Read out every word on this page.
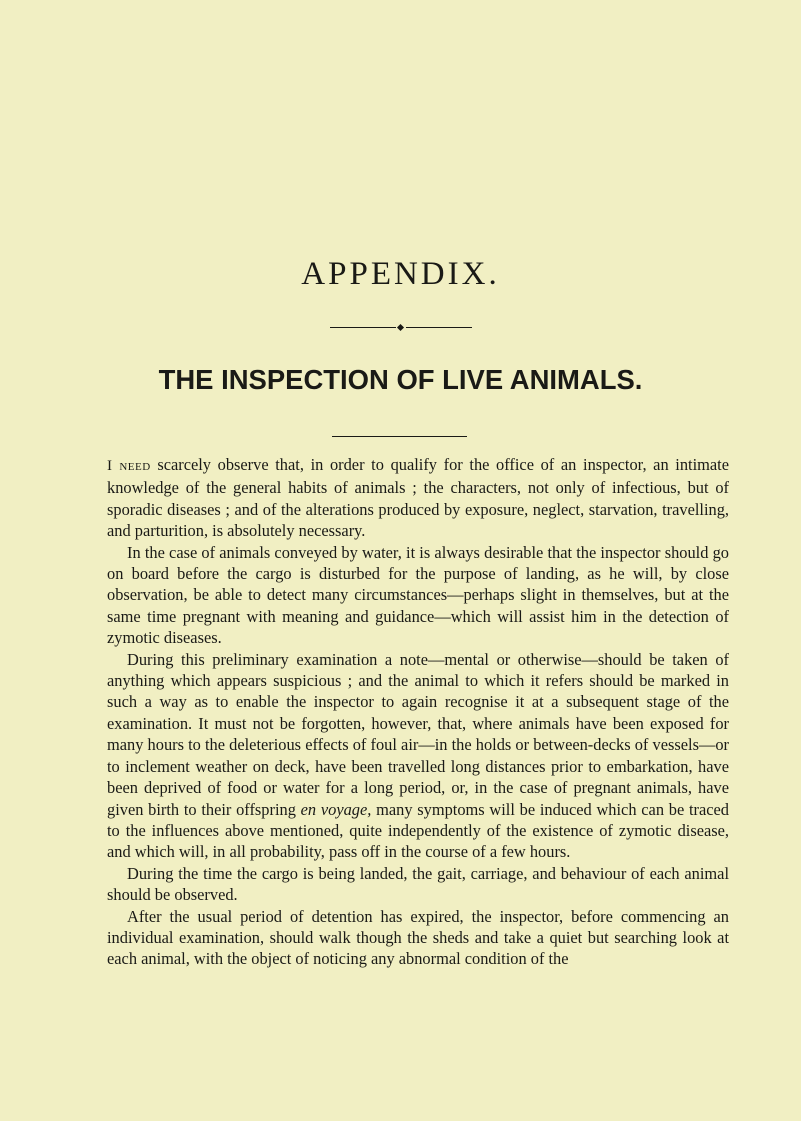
APPENDIX.
THE INSPECTION OF LIVE ANIMALS.

I need scarcely observe that, in order to qualify for the office of an inspector, an intimate knowledge of the general habits of animals ; the characters, not only of infectious, but of sporadic diseases ; and of the alterations produced by exposure, neglect, starvation, travelling, and parturition, is absolutely necessary.

In the case of animals conveyed by water, it is always desirable that the inspector should go on board before the cargo is disturbed for the purpose of landing, as he will, by close observation, be able to detect many circumstances—perhaps slight in themselves, but at the same time pregnant with meaning and guidance—which will assist him in the detection of zymotic diseases.

During this preliminary examination a note—mental or otherwise—should be taken of anything which appears suspicious ; and the animal to which it refers should be marked in such a way as to enable the inspector to again recognise it at a subsequent stage of the examination. It must not be forgotten, however, that, where animals have been exposed for many hours to the deleterious effects of foul air—in the holds or between-decks of vessels—or to inclement weather on deck, have been travelled long distances prior to embarkation, have been deprived of food or water for a long period, or, in the case of pregnant animals, have given birth to their offspring en voyage, many symptoms will be induced which can be traced to the influences above mentioned, quite independently of the existence of zymotic disease, and which will, in all probability, pass off in the course of a few hours.

During the time the cargo is being landed, the gait, carriage, and behaviour of each animal should be observed.

After the usual period of detention has expired, the inspector, before commencing an individual examination, should walk though the sheds and take a quiet but searching look at each animal, with the object of noticing any abnormal condition of the
